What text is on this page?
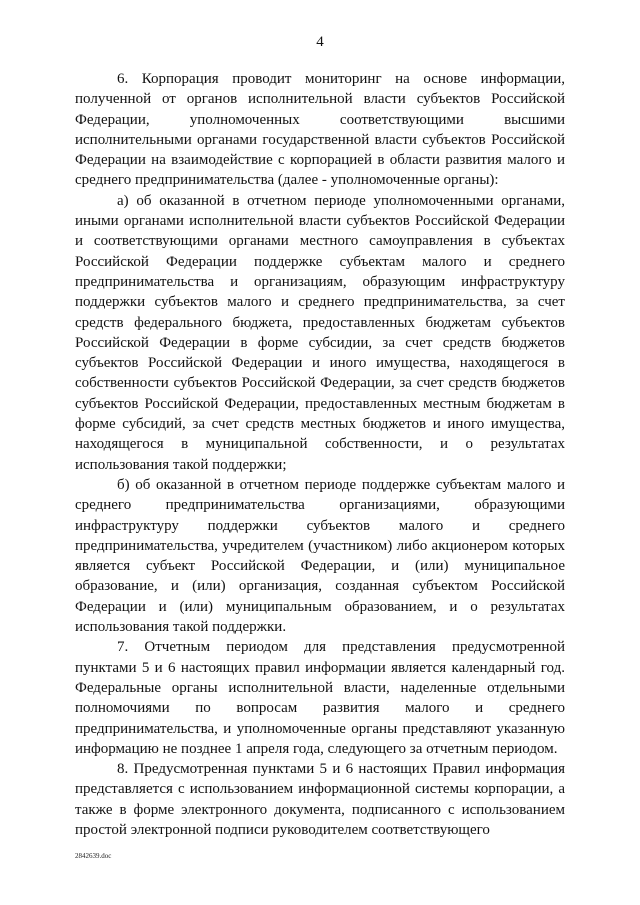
4

6. Корпорация проводит мониторинг на основе информации, полученной от органов исполнительной власти субъектов Российской Федерации, уполномоченных соответствующими высшими исполнительными органами государственной власти субъектов Российской Федерации на взаимодействие с корпорацией в области развития малого и среднего предпринимательства (далее - уполномоченные органы):

а) об оказанной в отчетном периоде уполномоченными органами, иными органами исполнительной власти субъектов Российской Федерации и соответствующими органами местного самоуправления в субъектах Российской Федерации поддержке субъектам малого и среднего предпринимательства и организациям, образующим инфраструктуру поддержки субъектов малого и среднего предпринимательства, за счет средств федерального бюджета, предоставленных бюджетам субъектов Российской Федерации в форме субсидии, за счет средств бюджетов субъектов Российской Федерации и иного имущества, находящегося в собственности субъектов Российской Федерации, за счет средств бюджетов субъектов Российской Федерации, предоставленных местным бюджетам в форме субсидий, за счет средств местных бюджетов и иного имущества, находящегося в муниципальной собственности, и о результатах использования такой поддержки;

б) об оказанной в отчетном периоде поддержке субъектам малого и среднего предпринимательства организациями, образующими инфраструктуру поддержки субъектов малого и среднего предпринимательства, учредителем (участником) либо акционером которых является субъект Российской Федерации, и (или) муниципальное образование, и (или) организация, созданная субъектом Российской Федерации и (или) муниципальным образованием, и о результатах использования такой поддержки.

7. Отчетным периодом для представления предусмотренной пунктами 5 и 6 настоящих правил информации является календарный год. Федеральные органы исполнительной власти, наделенные отдельными полномочиями по вопросам развития малого и среднего предпринимательства, и уполномоченные органы представляют указанную информацию не позднее 1 апреля года, следующего за отчетным периодом.

8. Предусмотренная пунктами 5 и 6 настоящих Правил информация представляется с использованием информационной системы корпорации, а также в форме электронного документа, подписанного с использованием простой электронной подписи руководителем соответствующего

2842639.doc
